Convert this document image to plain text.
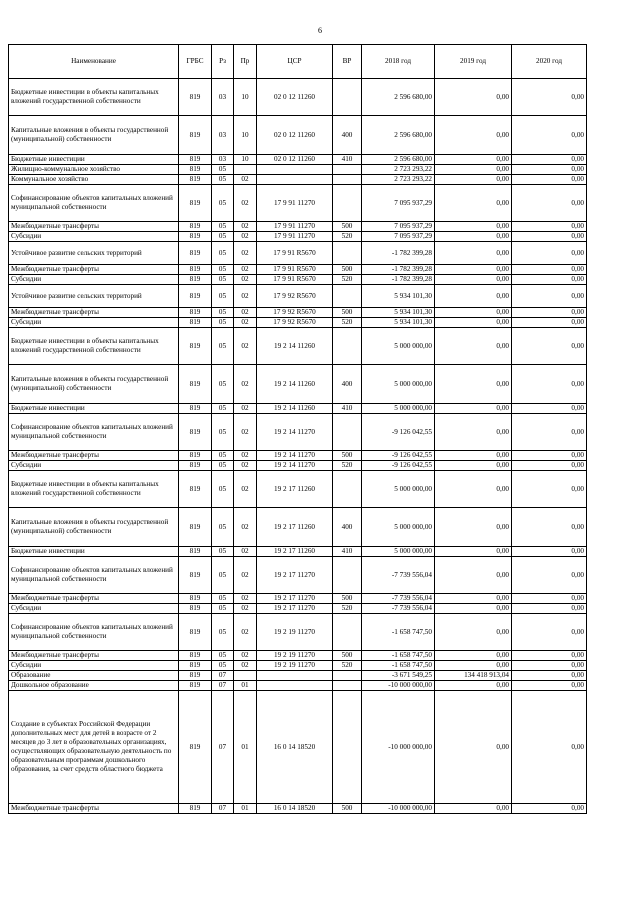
6
Наименование	ГРБС	Рз	Пр	ЦСР	ВР	2018 год	2019 год	2020 год
Бюджетные инвестиции в объекты капитальных вложений государственной собственности	819	03	10	02 0 12 11260		2 596 680,00	0,00	0,00
Капитальные вложения в объекты государственной (муниципальной) собственности	819	03	10	02 0 12 11260	400	2 596 680,00	0,00	0,00
Бюджетные инвестиции	819	03	10	02 0 12 11260	410	2 596 680,00	0,00	0,00
Жилищно-коммунальное хозяйство	819	05				2 723 293,22	0,00	0,00
Коммунальное хозяйство	819	05	02			2 723 293,22	0,00	0,00
Софинансирование объектов капитальных вложений муниципальной собственности	819	05	02	17 9 91 11270		7 095 937,29	0,00	0,00
Межбюджетные трансферты	819	05	02	17 9 91 11270	500	7 095 937,29	0,00	0,00
Субсидии	819	05	02	17 9 91 11270	520	7 095 937,29	0,00	0,00
Устойчивое развитие сельских территорий	819	05	02	17 9 91 R5670		-1 782 399,28	0,00	0,00
Межбюджетные трансферты	819	05	02	17 9 91 R5670	500	-1 782 399,28	0,00	0,00
Субсидии	819	05	02	17 9 91 R5670	520	-1 782 399,28	0,00	0,00
Устойчивое развитие сельских территорий	819	05	02	17 9 92 R5670		5 934 101,30	0,00	0,00
Межбюджетные трансферты	819	05	02	17 9 92 R5670	500	5 934 101,30	0,00	0,00
Субсидии	819	05	02	17 9 92 R5670	520	5 934 101,30	0,00	0,00
Бюджетные инвестиции в объекты капитальных вложений государственной собственности	819	05	02	19 2 14 11260		5 000 000,00	0,00	0,00
Капитальные вложения в объекты государственной (муниципальной) собственности	819	05	02	19 2 14 11260	400	5 000 000,00	0,00	0,00
Бюджетные инвестиции	819	05	02	19 2 14 11260	410	5 000 000,00	0,00	0,00
Софинансирование объектов капитальных вложений муниципальной собственности	819	05	02	19 2 14 11270		-9 126 042,55	0,00	0,00
Межбюджетные трансферты	819	05	02	19 2 14 11270	500	-9 126 042,55	0,00	0,00
Субсидии	819	05	02	19 2 14 11270	520	-9 126 042,55	0,00	0,00
Бюджетные инвестиции в объекты капитальных вложений государственной собственности	819	05	02	19 2 17 11260		5 000 000,00	0,00	0,00
Капитальные вложения в объекты государственной (муниципальной) собственности	819	05	02	19 2 17 11260	400	5 000 000,00	0,00	0,00
Бюджетные инвестиции	819	05	02	19 2 17 11260	410	5 000 000,00	0,00	0,00
Софинансирование объектов капитальных вложений муниципальной собственности	819	05	02	19 2 17 11270		-7 739 556,04	0,00	0,00
Межбюджетные трансферты	819	05	02	19 2 17 11270	500	-7 739 556,04	0,00	0,00
Субсидии	819	05	02	19 2 17 11270	520	-7 739 556,04	0,00	0,00
Софинансирование объектов капитальных вложений муниципальной собственности	819	05	02	19 2 19 11270		-1 658 747,50	0,00	0,00
Межбюджетные трансферты	819	05	02	19 2 19 11270	500	-1 658 747,50	0,00	0,00
Субсидии	819	05	02	19 2 19 11270	520	-1 658 747,50	0,00	0,00
Образование	819	07				-3 671 549,25	134 418 913,04	0,00
Дошкольное образование	819	07	01			-10 000 000,00	0,00	0,00
Создание в субъектах Российской Федерации дополнительных мест для детей в возрасте от 2 месяцев до 3 лет в образовательных организациях, осуществляющих образовательную деятельность по образовательным программам дошкольного образования, за счет средств областного бюджета	819	07	01	16 0 14 18520		-10 000 000,00	0,00	0,00
Межбюджетные трансферты	819	07	01	16 0 14 18520	500	-10 000 000,00	0,00	0,00
